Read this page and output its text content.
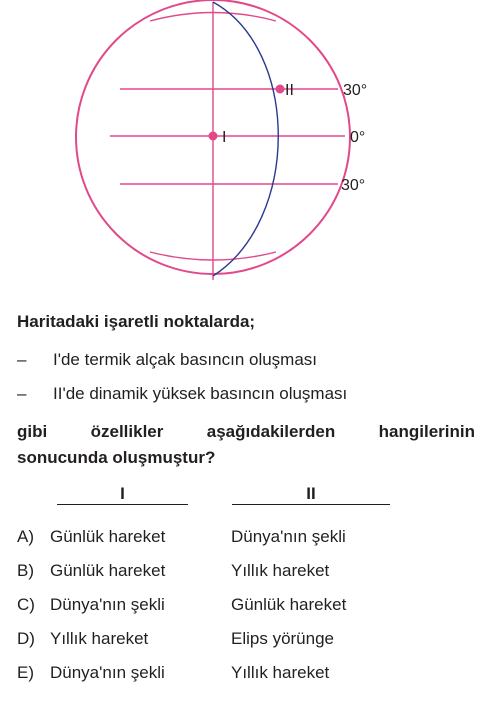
I
II	30°
0°
30°
Haritadaki işaretli noktalarda;
– I'de termik alçak basıncın oluşması
– II'de dinamik yüksek basıncın oluşması
gibi özellikler aşağıdakilerden hangilerinin
sonucunda oluşmuştur?
I	II
A) Günlük hareket	Dünya'nın şekli
B) Günlük hareket	Yıllık hareket
C) Dünya'nın şekli	Günlük hareket
D) Yıllık hareket	Elips yörünge
E) Dünya'nın şekli	Yıllık hareket
